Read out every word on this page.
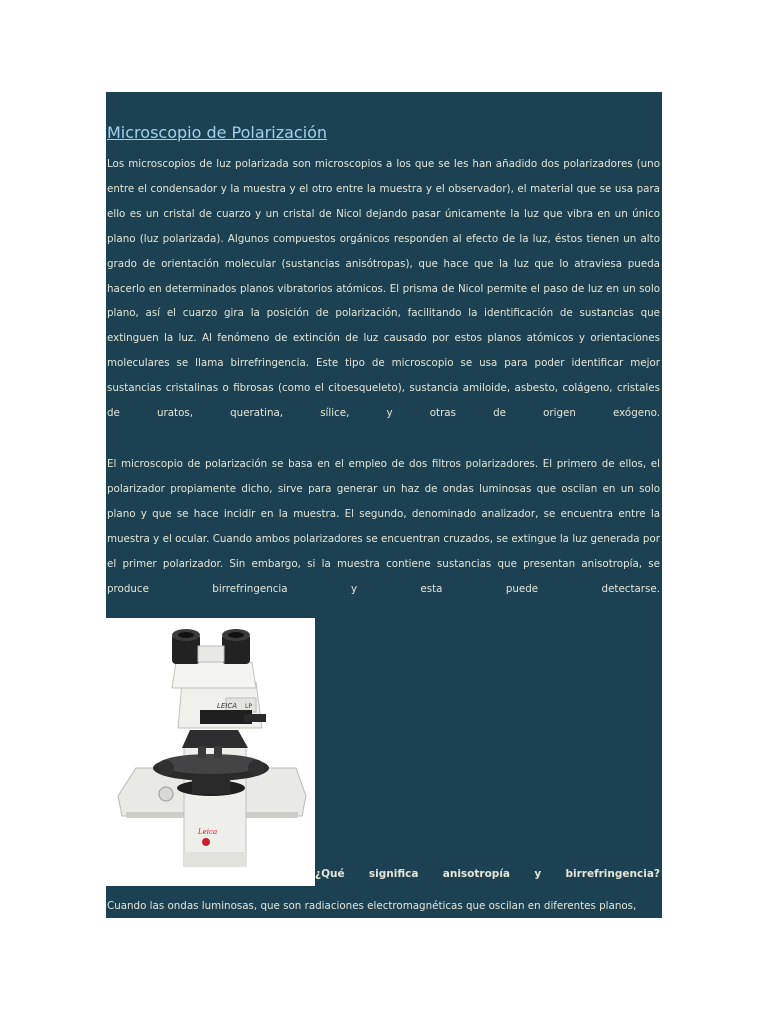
Microscopio de Polarización

Los microscopios de luz polarizada son microscopios a los que se les han añadido dos polarizadores (uno entre el condensador y la muestra y el otro entre la muestra y el observador), el material que se usa para ello es un cristal de cuarzo y un cristal de Nicol dejando pasar únicamente la luz que vibra en un único plano (luz polarizada). Algunos compuestos orgánicos responden al efecto de la luz, éstos tienen un alto grado de orientación molecular (sustancias anisótropas), que hace que la luz que lo atraviesa pueda hacerlo en determinados planos vibratorios atómicos. El prisma de Nicol permite el paso de luz en un solo plano, así el cuarzo gira la posición de polarización, facilitando la identificación de sustancias que extinguen la luz. Al fenómeno de extinción de luz causado por estos planos atómicos y orientaciones moleculares se llama birrefringencia. Este tipo de microscopio se usa para poder identificar mejor sustancias cristalinas o fibrosas (como el citoesqueleto), sustancia amiloide, asbesto, colágeno, cristales de uratos, queratina, sílice, y otras de origen exógeno.

El microscopio de polarización se basa en el empleo de dos filtros polarizadores. El primero de ellos, el polarizador propiamente dicho, sirve para generar un haz de ondas luminosas que oscilan en un solo plano y que se hace incidir en la muestra. El segundo, denominado analizador, se encuentra entre la muestra y el ocular. Cuando ambos polarizadores se encuentran cruzados, se extingue la luz generada por el primer polarizador. Sin embargo, si la muestra contiene sustancias que presentan anisotropía, se produce birrefringencia y esta puede detectarse.

LEICA LP
Leica
¿Qué significa anisotropía y birrefringencia?

Cuando las ondas luminosas, que son radiaciones electromagnéticas que oscilan en diferentes planos,
